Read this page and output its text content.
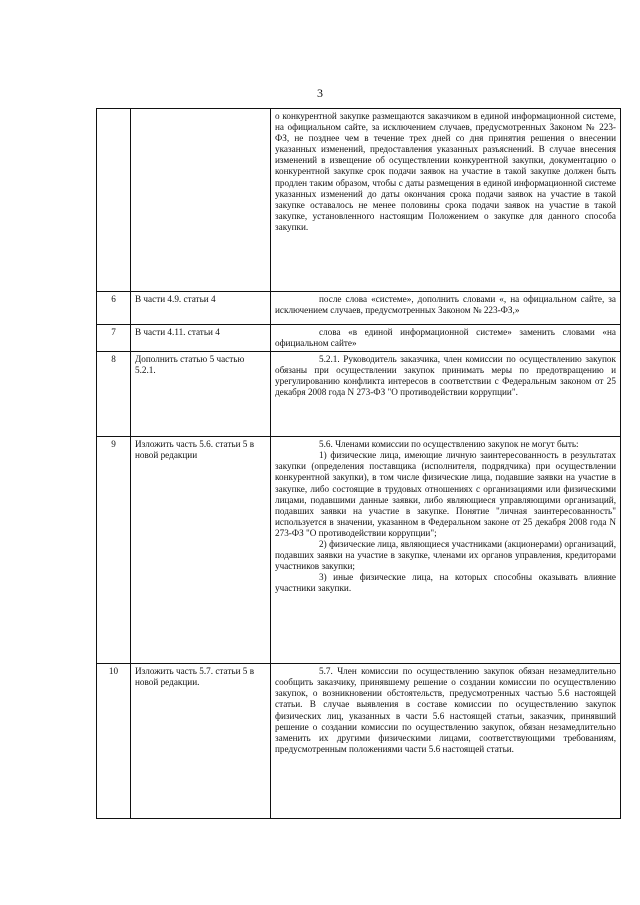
3

		о конкурентной закупке размещаются заказчиком в единой информационной системе, на официальном сайте, за исключением случаев, предусмотренных Законом № 223-ФЗ, не позднее чем в течение трех дней со дня принятия решения о внесении указанных изменений, предоставления указанных разъяснений. В случае внесения изменений в извещение об осуществлении конкурентной закупки, документацию о конкурентной закупке срок подачи заявок на участие в такой закупке должен быть продлен таким образом, чтобы с даты размещения в единой информационной системе указанных изменений до даты окончания срока подачи заявок на участие в такой закупке оставалось не менее половины срока подачи заявок на участие в такой закупке, установленного настоящим Положением о закупке для данного способа закупки.

6	В части 4.9. статьи 4	после слова «системе», дополнить словами «, на официальном сайте, за исключением случаев, предусмотренных Законом № 223-ФЗ,»

7	В части 4.11. статьи 4	слова «в единой информационной системе» заменить словами «на официальном сайте»

8	Дополнить статью 5 частью 5.2.1.	5.2.1. Руководитель заказчика, член комиссии по осуществлению закупок обязаны при осуществлении закупок принимать меры по предотвращению и урегулированию конфликта интересов в соответствии с Федеральным законом от 25 декабря 2008 года N 273-ФЗ "О противодействии коррупции".

9	Изложить часть 5.6. статьи 5 в новой редакции	5.6. Членами комиссии по осуществлению закупок не могут быть:

1) физические лица, имеющие личную заинтересованность в результатах закупки (определения поставщика (исполнителя, подрядчика) при осуществлении конкурентной закупки), в том числе физические лица, подавшие заявки на участие в закупке, либо состоящие в трудовых отношениях с организациями или физическими лицами, подавшими данные заявки, либо являющиеся управляющими организаций, подавших заявки на участие в закупке. Понятие "личная заинтересованность" используется в значении, указанном в Федеральном законе от 25 декабря 2008 года N 273-ФЗ "О противодействии коррупции";

2) физические лица, являющиеся участниками (акционерами) организаций, подавших заявки на участие в закупке, членами их органов управления, кредиторами участников закупки;

3) иные физические лица, на которых способны оказывать влияние участники закупки.

10	Изложить часть 5.7. статьи 5 в новой редакции.	5.7. Член комиссии по осуществлению закупок обязан незамедлительно сообщить заказчику, принявшему решение о создании комиссии по осуществлению закупок, о возникновении обстоятельств, предусмотренных частью 5.6 настоящей статьи. В случае выявления в составе комиссии по осуществлению закупок физических лиц, указанных в части 5.6 настоящей статьи, заказчик, принявший решение о создании комиссии по осуществлению закупок, обязан незамедлительно заменить их другими физическими лицами, соответствующими требованиям, предусмотренным положениями части 5.6 настоящей статьи.
